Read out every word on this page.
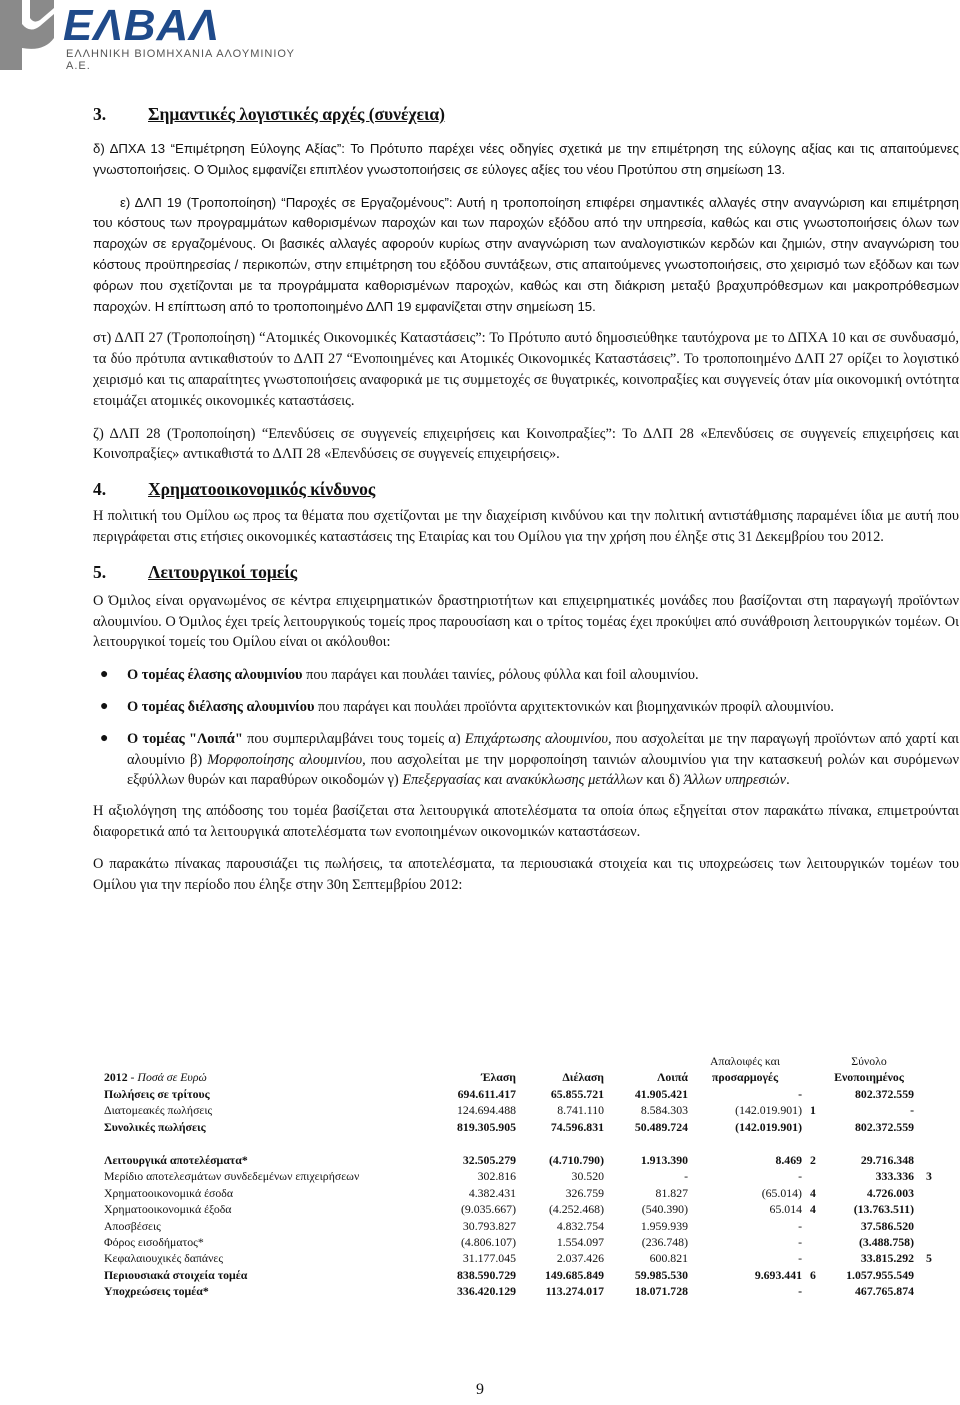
ΕΛΒΑΛ
ΕΛΛΗΝΙΚΗ ΒΙΟΜΗΧΑΝΙΑ ΑΛΟΥΜΙΝΙΟΥ Α.Ε.
3.	Σημαντικές λογιστικές αρχές (συνέχεια)

δ) ΔΠΧΑ 13 “Επιμέτρηση Εύλογης Αξίας”: Το Πρότυπο παρέχει νέες οδηγίες σχετικά με την επιμέτρηση της εύλογης αξίας και τις απαιτούμενες γνωστοποιήσεις. Ο Όμιλος εμφανίζει επιπλέον γνωστοποιήσεις σε εύλογες αξίες του νέου Προτύπου στη σημείωση 13.

ε) ΔΛΠ 19 (Τροποποίηση) “Παροχές σε Εργαζομένους”: Αυτή η τροποποίηση επιφέρει σημαντικές αλλαγές στην αναγνώριση και επιμέτρηση του κόστους των προγραμμάτων καθορισμένων παροχών και των παροχών εξόδου από την υπηρεσία, καθώς και στις γνωστοποιήσεις όλων των παροχών σε εργαζομένους. Οι βασικές αλλαγές αφορούν κυρίως στην αναγνώριση των αναλογιστικών κερδών και ζημιών, στην αναγνώριση του κόστους προϋπηρεσίας / περικοπών, στην επιμέτρηση του εξόδου συντάξεων, στις απαιτούμενες γνωστοποιήσεις, στο χειρισμό των εξόδων και των φόρων που σχετίζονται με τα προγράμματα καθορισμένων παροχών, καθώς και στη διάκριση μεταξύ βραχυπρόθεσμων και μακροπρόθεσμων παροχών. Η επίπτωση από το τροποποιημένο ΔΛΠ 19 εμφανίζεται στην σημείωση 15.

στ) ΔΛΠ 27 (Τροποποίηση) “Ατομικές Οικονομικές Καταστάσεις”: Το Πρότυπο αυτό δημοσιεύθηκε ταυτόχρονα με το ΔΠΧΑ 10 και σε συνδυασμό, τα δύο πρότυπα αντικαθιστούν το ΔΛΠ 27 “Ενοποιημένες και Ατομικές Οικονομικές Καταστάσεις”. Το τροποποιημένο ΔΛΠ 27 ορίζει το λογιστικό χειρισμό και τις απαραίτητες γνωστοποιήσεις αναφορικά με τις συμμετοχές σε θυγατρικές, κοινοπραξίες και συγγενείς όταν μία οικονομική οντότητα ετοιμάζει ατομικές οικονομικές καταστάσεις.

ζ) ΔΛΠ 28 (Τροποποίηση) “Επενδύσεις σε συγγενείς επιχειρήσεις και Κοινοπραξίες”: Το ΔΛΠ 28 «Επενδύσεις σε συγγενείς επιχειρήσεις και Κοινοπραξίες» αντικαθιστά το ΔΛΠ 28 «Επενδύσεις σε συγγενείς επιχειρήσεις».

4.	Χρηματοοικονομικός κίνδυνος

Η πολιτική του Ομίλου ως προς τα θέματα που σχετίζονται με την διαχείριση κινδύνου και την πολιτική αντιστάθμισης παραμένει ίδια με αυτή που περιγράφεται στις ετήσιες οικονομικές καταστάσεις της Εταιρίας και του Ομίλου για την χρήση που έληξε στις 31 Δεκεμβρίου του 2012.

5.	Λειτουργικοί τομείς

Ο Όμιλος είναι οργανωμένος σε κέντρα επιχειρηματικών δραστηριοτήτων και επιχειρηματικές μονάδες που βασίζονται στη παραγωγή προϊόντων αλουμινίου. Ο Όμιλος έχει τρείς λειτουργικούς τομείς προς παρουσίαση και ο τρίτος τομέας έχει προκύψει από συνάθροιση λειτουργικών τομέων. Οι λειτουργικοί τομείς του Ομίλου είναι οι ακόλουθοι:

● Ο τομέας έλασης αλουμινίου που παράγει και πουλάει ταινίες, ρόλους φύλλα και foil αλουμινίου.
● Ο τομέας διέλασης αλουμινίου που παράγει και πουλάει προϊόντα αρχιτεκτονικών και βιομηχανικών προφίλ αλουμινίου.
● Ο τομέας "Λοιπά" που συμπεριλαμβάνει τους τομείς α) Επιχάρτωσης αλουμινίου, που ασχολείται με την παραγωγή προϊόντων από χαρτί και αλουμίνιο β) Μορφοποίησης αλουμινίου, που ασχολείται με την μορφοποίηση ταινιών αλουμινίου για την κατασκευή ρολών και συρόμενων εξφύλλων θυρών και παραθύρων οικοδομών γ) Επεξεργασίας και ανακύκλωσης μετάλλων και δ) Άλλων υπηρεσιών.

Η αξιολόγηση της απόδοσης του τομέα βασίζεται στα λειτουργικά αποτελέσματα τα οποία όπως εξηγείται στον παρακάτω πίνακα, επιμετρούνται διαφορετικά από τα λειτουργικά αποτελέσματα των ενοποιημένων οικονομικών καταστάσεων.

Ο παρακάτω πίνακας παρουσιάζει τις πωλήσεις, τα αποτελέσματα, τα περιουσιακά στοιχεία και τις υποχρεώσεις των λειτουργικών τομέων του Ομίλου για την περίοδο που έληξε στην 30η Σεπτεμβρίου 2012:

				Απαλοιφές και		Σύνολο	
2012 - Ποσά σε Ευρώ	Έλαση	Διέλαση	Λοιπά	προσαρμογές		Ενοποιημένος	
Πωλήσεις σε τρίτους	694.611.417	65.855.721	41.905.421	-		802.372.559	
Διατομεακές πωλήσεις	124.694.488	8.741.110	8.584.303	(142.019.901)	1	-	
Συνολικές πωλήσεις	819.305.905	74.596.831	50.489.724	(142.019.901)		802.372.559	

Λειτουργικά αποτελέσματα*	32.505.279	(4.710.790)	1.913.390	8.469	2	29.716.348	
Μερίδιο αποτελεσμάτων συνδεδεμένων επιχειρήσεων	302.816	30.520	-	-		333.336	3
Χρηματοοικονομικά έσοδα	4.382.431	326.759	81.827	(65.014)	4	4.726.003	
Χρηματοοικονομικά έξοδα	(9.035.667)	(4.252.468)	(540.390)	65.014	4	(13.763.511)	
Αποσβέσεις	30.793.827	4.832.754	1.959.939	-		37.586.520	
Φόρος εισοδήματος*	(4.806.107)	1.554.097	(236.748)	-		(3.488.758)	
Κεφαλαιουχικές δαπάνες	31.177.045	2.037.426	600.821	-		33.815.292	5
Περιουσιακά στοιχεία τομέα	838.590.729	149.685.849	59.985.530	9.693.441	6	1.057.955.549	
Υποχρεώσεις τομέα*	336.420.129	113.274.017	18.071.728	-		467.765.874	
9
